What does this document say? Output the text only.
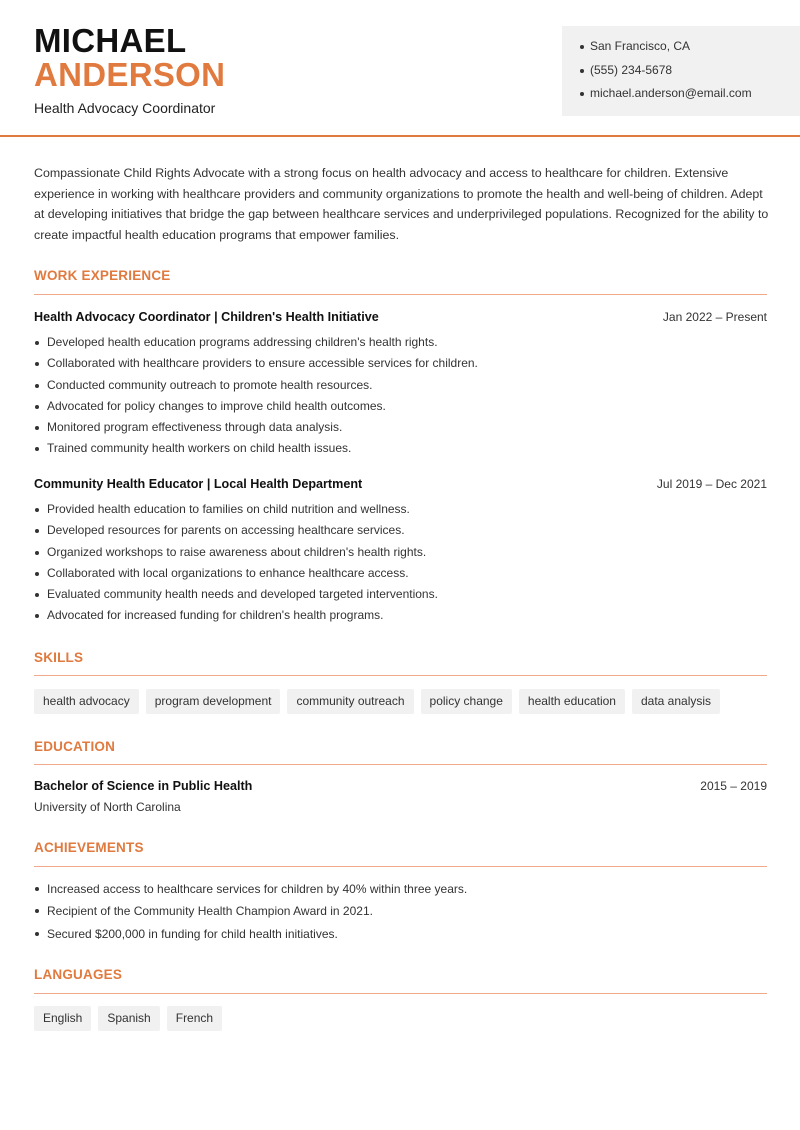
MICHAEL
ANDERSON
Health Advocacy Coordinator
San Francisco, CA
(555) 234-5678
michael.anderson@email.com

Compassionate Child Rights Advocate with a strong focus on health advocacy and access to healthcare for children. Extensive experience in working with healthcare providers and community organizations to promote the health and well-being of children. Adept at developing initiatives that bridge the gap between healthcare services and underprivileged populations. Recognized for the ability to create impactful health education programs that empower families.

WORK EXPERIENCE
Health Advocacy Coordinator | Children's Health Initiative	Jan 2022 – Present
Developed health education programs addressing children's health rights.
Collaborated with healthcare providers to ensure accessible services for children.
Conducted community outreach to promote health resources.
Advocated for policy changes to improve child health outcomes.
Monitored program effectiveness through data analysis.
Trained community health workers on child health issues.
Community Health Educator | Local Health Department	Jul 2019 – Dec 2021
Provided health education to families on child nutrition and wellness.
Developed resources for parents on accessing healthcare services.
Organized workshops to raise awareness about children's health rights.
Collaborated with local organizations to enhance healthcare access.
Evaluated community health needs and developed targeted interventions.
Advocated for increased funding for children's health programs.
SKILLS
health advocacy	program development	community outreach	policy change	health education	data analysis
EDUCATION
Bachelor of Science in Public Health	2015 – 2019
University of North Carolina
ACHIEVEMENTS
Increased access to healthcare services for children by 40% within three years.
Recipient of the Community Health Champion Award in 2021.
Secured $200,000 in funding for child health initiatives.
LANGUAGES
English	Spanish	French
